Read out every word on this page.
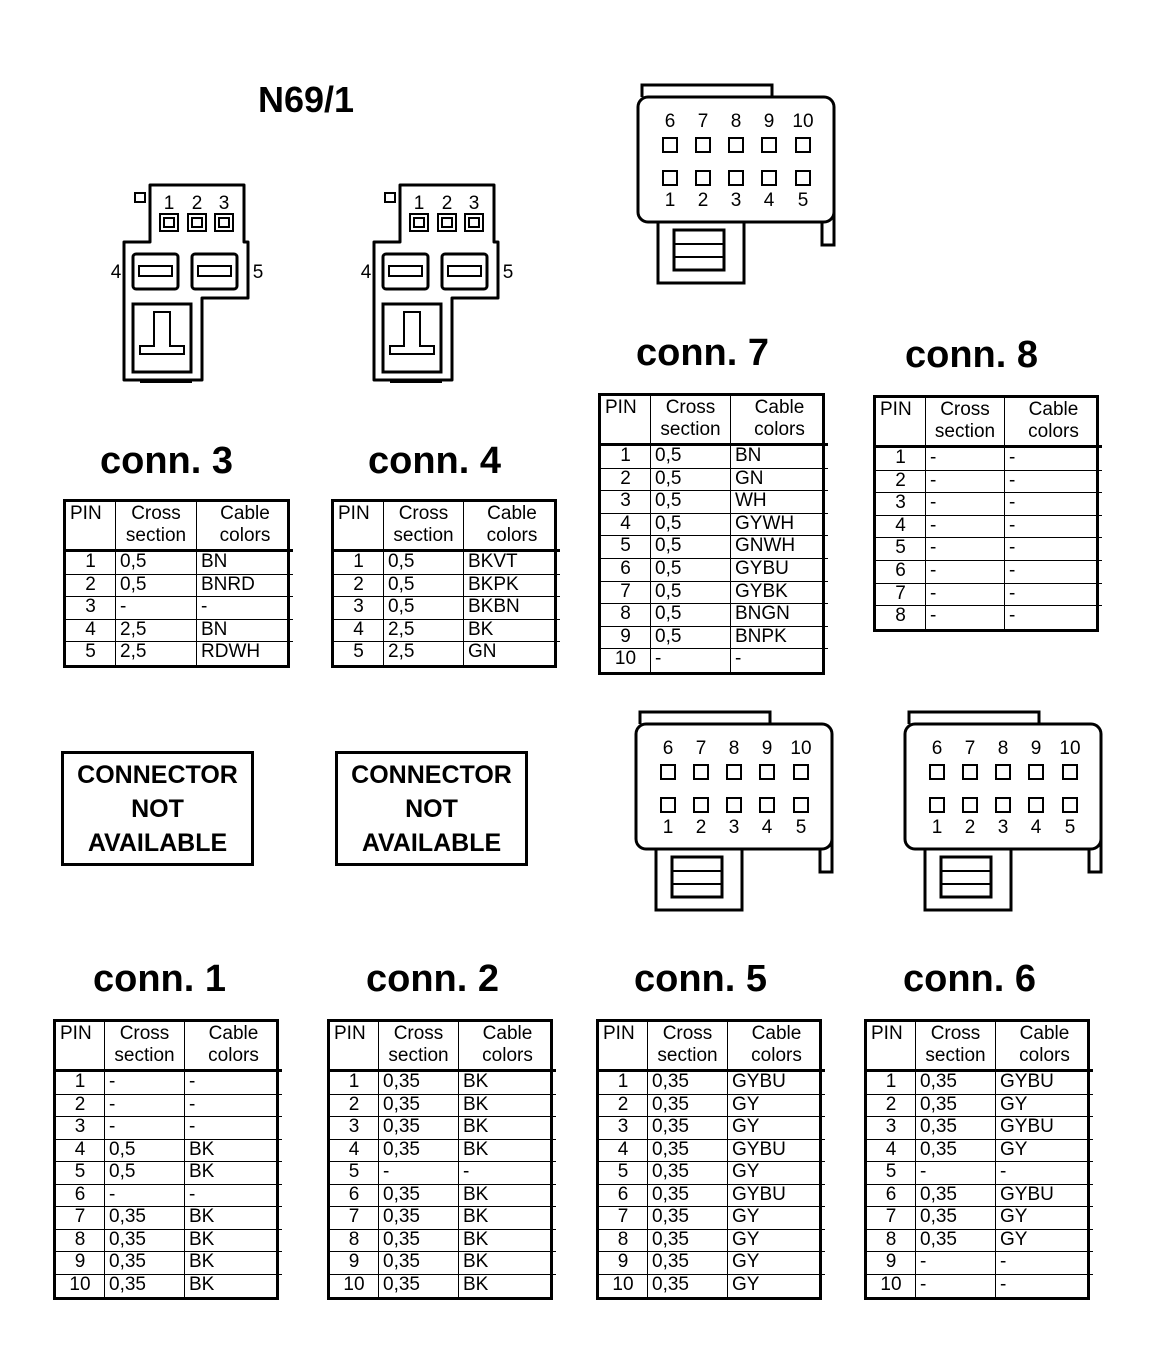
1 2 3
4	5
1 2 3
4	5
6
1
7
2
8
3
9
4
10
5
6
1
7
2
8
3
9
4
10
5
6
1
7
2
8
3
9
4
10
5
N69/1
conn. 3
PIN	Cross
section
Cable
colors
1	0,5	BN
2	0,5	BNRD
3	-	-
4	2,5	BN
5	2,5	RDWH
conn. 4
PIN	Cross
section
Cable
colors
1	0,5	BKVT
2	0,5	BKPK
3	0,5	BKBN
4	2,5	BK
5	2,5	GN
conn. 7
PIN	Cross
section
Cable
colors
1	0,5	BN
2	0,5	GN
3	0,5	WH
4	0,5	GYWH
5	0,5	GNWH
6	0,5	GYBU
7	0,5	GYBK
8	0,5	BNGN
9	0,5	BNPK
10 -	-
conn. 8
PIN	Cross
section
Cable
colors
1	-	-
2	-	-
3	-	-
4	-	-
5	-	-
6	-	-
7	-	-
8	-	-
conn. 1
PIN	Cross
section
Cable
colors
1	-	-
2	-	-
3	-	-
4	0,5	BK
5	0,5	BK
6	-	-
7	0,35	BK
8	0,35	BK
9	0,35	BK
10 0,35	BK
conn. 2
PIN	Cross
section
Cable
colors
1	0,35	BK
2	0,35	BK
3	0,35	BK
4	0,35	BK
5	-	-
6	0,35	BK
7	0,35	BK
8	0,35	BK
9	0,35	BK
10 0,35	BK
conn. 5
PIN	Cross
section
Cable
colors
1	0,35	GYBU
2	0,35	GY
3	0,35	GY
4	0,35	GYBU
5	0,35	GY
6	0,35	GYBU
7	0,35	GY
8	0,35	GY
9	0,35	GY
10 0,35	GY
conn. 6
PIN	Cross
section
Cable
colors
1	0,35	GYBU
2	0,35	GY
3	0,35	GYBU
4	0,35	GY
5	-	-
6	0,35	GYBU
7	0,35	GY
8	0,35	GY
9	-	-
10 -	-
CONNECTOR
NOT
AVAILABLE
CONNECTOR
NOT
AVAILABLE
